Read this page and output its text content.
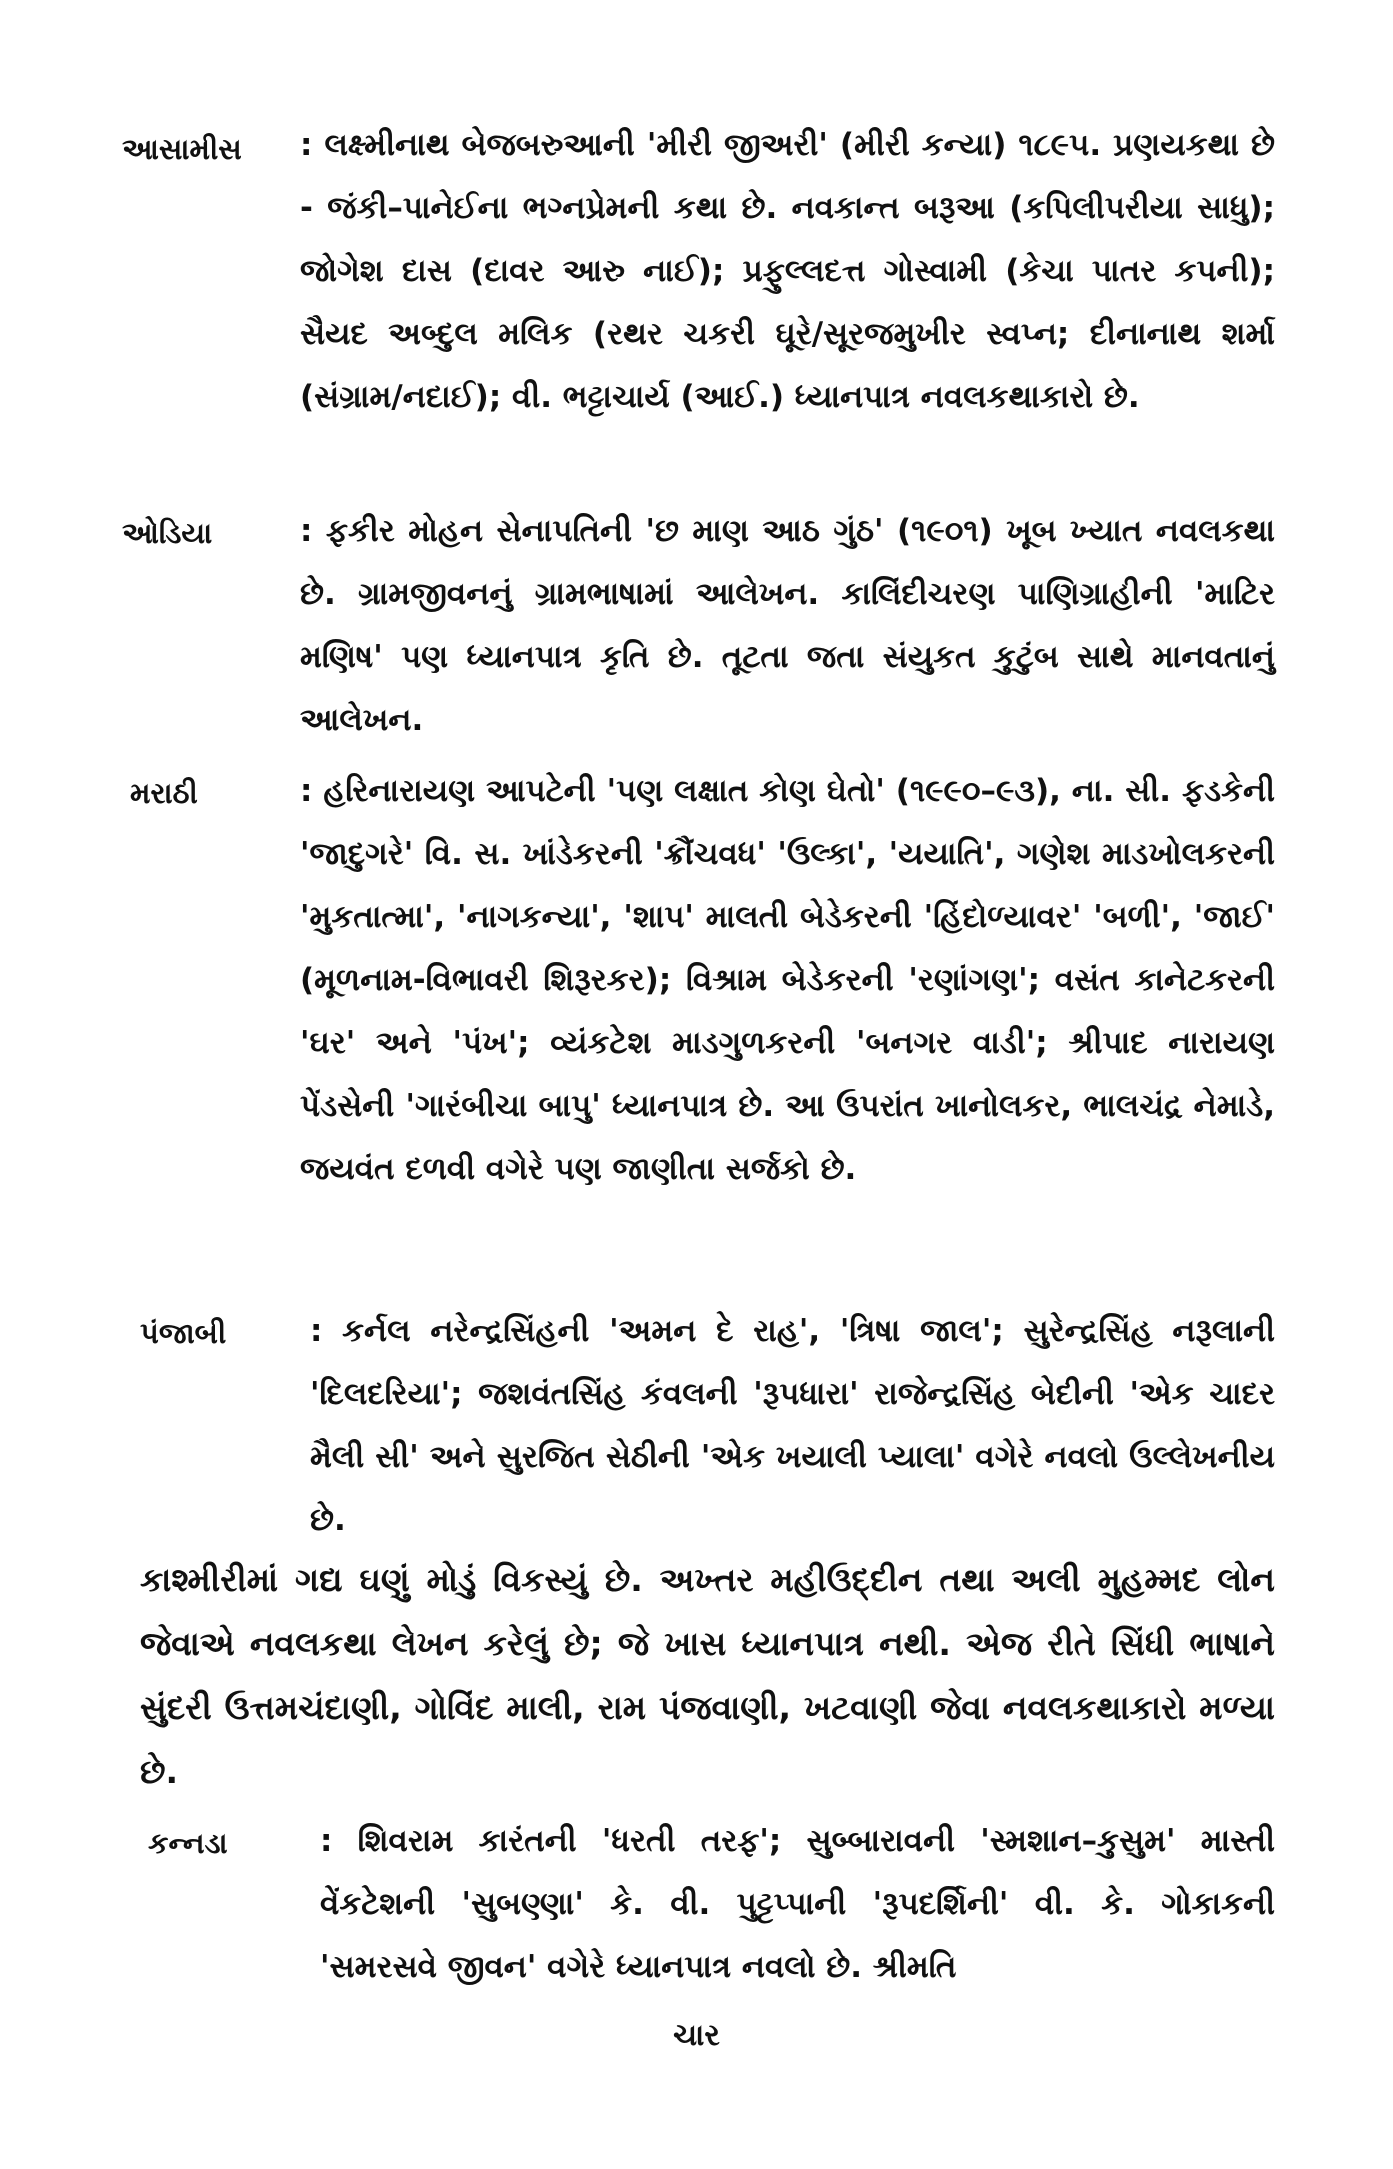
આસામીસ : લક્ષ્મીનાથ બેજબરુઆની 'મીરી જીઅરી' (મીરી કન્યા) ૧૮૯૫. પ્રણયકથા છે - જંકી–પાનેઈના ભગ્નપ્રેમની કથા છે. નવકાન્ત બરૂઆ (કપિલીપરીયા સાધુ); જોગેશ દાસ (દાવર આરુ નાઈ); પ્રફુલ્લદત્ત ગોસ્વામી (કેચા પાતર કપની); સૈયદ અબ્દુલ મલિક (રથર ચકરી ઘૂરે/સૂરજમુખીર સ્વપ્ન; દીનાનાથ શર્મા (સંગ્રામ/નદાઈ); વી. ભટ્ટાચાર્ય (આઈ.) ધ્યાનપાત્ર નવલકથાકારો છે.
ઓડિયા	: ફકીર મોહન સેનાપતિની 'છ માણ આઠ ગુંઠ' (૧૯૦૧) ખૂબ ખ્યાત નવલકથા છે. ગ્રામજીવનનું ગ્રામભાષામાં આલેખન. કાલિંદીચરણ પાણિગ્રાહીની 'માટિર મણિષ' પણ ધ્યાનપાત્ર કૃતિ છે. તૂટતા જતા સંયુકત કુટુંબ સાથે માનવતાનું આલેખન.
મરાઠી	: હરિનારાયણ આપટેની 'પણ લક્ષાત કોણ ઘેતો' (૧૯૯૦–૯૩), ના. સી. ફડકેની 'જાદુગરે' વિ. સ. ખાંડેકરની 'ક્રૌંચવધ' 'ઉલ્કા', 'યયાતિ', ગણેશ માડખોલકરની 'મુકતાત્મા', 'નાગકન્યા', 'શાપ' માલતી બેડેકરની 'હિંદોળ્યાવર' 'બળી', 'જાઈ' (મૂળનામ-વિભાવરી શિરૂરકર); વિશ્રામ બેડેકરની 'રણાંગણ'; વસંત કાનેટકરની 'ઘર' અને 'પંખ'; વ્યંકટેશ માડગુળકરની 'બનગર વાડી'; શ્રીપાદ નારાયણ પેંડસેની 'ગારંબીચા બાપુ' ધ્યાનપાત્ર છે. આ ઉપરાંત ખાનોલકર, ભાલચંદ્ર નેમાડે, જયવંત દળવી વગેરે પણ જાણીતા સર્જકો છે.
પંજાબી	: કર્નલ નરેન્દ્રસિંહની 'અમન દે રાહ', 'ત્રિષા જાલ'; સુરેન્દ્રસિંહ નરૂલાની 'દિલદરિયા'; જશવંતસિંહ કંવલની 'રૂપધારા' રાજેન્દ્રસિંહ બેદીની 'એક ચાદર મૈલી સી' અને સુરજિત સેઠીની 'એક ખયાલી પ્યાલા' વગેરે નવલો ઉલ્લેખનીય છે.
કાશ્મીરીમાં ગદ્ય ઘણું મોડું વિકસ્યું છે. અખ્તર મહીઉદ્દીન તથા અલી મુહમ્મદ લોન જેવાએ નવલકથા લેખન કરેલું છે; જે ખાસ ધ્યાનપાત્ર નથી. એજ રીતે સિંધી ભાષાને સુંદરી ઉત્તમચંદાણી, ગોવિંદ માલી, રામ પંજવાણી, ખટવાણી જેવા નવલકથાકારો મળ્યા છે.
કન્નડા	: શિવરામ કારંતની 'ધરતી તરફ'; સુબ્બારાવની 'સ્મશાન–કુસુમ' માસ્તી વેંકટેશની 'સુબણ્ણા' કે. વી. પુટ્ટપ્પાની 'રૂપદર્શિની' વી. કે. ગોકાકની 'સમરસવે જીવન' વગેરે ધ્યાનપાત્ર નવલો છે. શ્રીમતિ
ચાર
